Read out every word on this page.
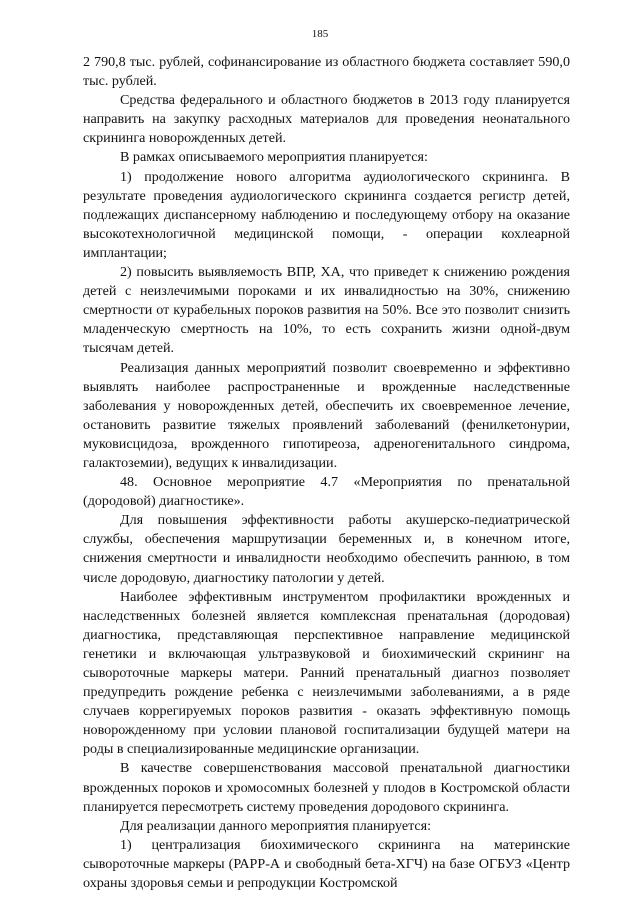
185

2 790,8 тыс. рублей, софинансирование из областного бюджета составляет 590,0 тыс. рублей.

Средства федерального и областного бюджетов в 2013 году планируется направить на закупку расходных материалов для проведения неонатального скрининга новорожденных детей.

В рамках описываемого мероприятия планируется:

1) продолжение нового алгоритма аудиологического скрининга. В результате проведения аудиологического скрининга создается регистр детей, подлежащих диспансерному наблюдению и последующему отбору на оказание высокотехнологичной медицинской помощи, - операции кохлеарной имплантации;

2) повысить выявляемость ВПР, ХА, что приведет к снижению рождения детей с неизлечимыми пороками и их инвалидностью на 30%, снижению смертности от курабельных пороков развития на 50%. Все это позволит снизить младенческую смертность на 10%, то есть сохранить жизни одной-двум тысячам детей.

Реализация данных мероприятий позволит своевременно и эффективно выявлять наиболее распространенные и врожденные наследственные заболевания у новорожденных детей, обеспечить их своевременное лечение, остановить развитие тяжелых проявлений заболеваний (фенилкетонурии, муковисцидоза, врожденного гипотиреоза, адреногенитального синдрома, галактоземии), ведущих к инвалидизации.

48. Основное мероприятие 4.7 «Мероприятия по пренатальной (дородовой) диагностике».

Для повышения эффективности работы акушерско-педиатрической службы, обеспечения маршрутизации беременных и, в конечном итоге, снижения смертности и инвалидности необходимо обеспечить раннюю, в том числе дородовую, диагностику патологии у детей.

Наиболее эффективным инструментом профилактики врожденных и наследственных болезней является комплексная пренатальная (дородовая) диагностика, представляющая перспективное направление медицинской генетики и включающая ультразвуковой и биохимический скрининг на сывороточные маркеры матери. Ранний пренатальный диагноз позволяет предупредить рождение ребенка с неизлечимыми заболеваниями, а в ряде случаев коррегируемых пороков развития - оказать эффективную помощь новорожденному при условии плановой госпитализации будущей матери на роды в специализированные медицинские организации.

В качестве совершенствования массовой пренатальной диагностики врожденных пороков и хромосомных болезней у плодов в Костромской области планируется пересмотреть систему проведения дородового скрининга.

Для реализации данного мероприятия планируется:

1) централизация биохимического скрининга на материнские сывороточные маркеры (РАРР-А и свободный бета-ХГЧ) на базе ОГБУЗ «Центр охраны здоровья семьи и репродукции Костромской
